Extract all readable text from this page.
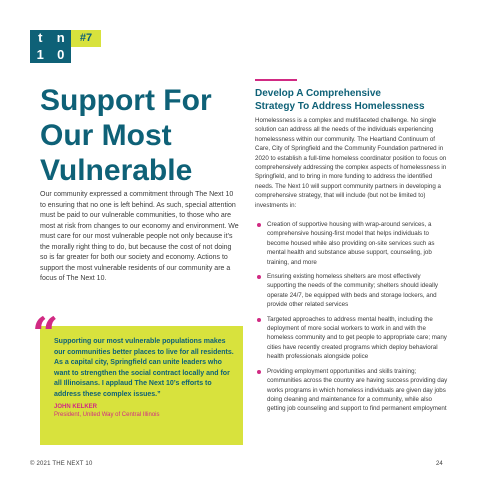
t	n
1	0
#7
Support For
Our Most
Vulnerable
Our community expressed a commitment through The Next 10 to ensuring that no one is left behind. As such, special attention must be paid to our vulnerable communities, to those who are most at risk from changes to our economy and environment. We must care for our most vulnerable people not only because it’s the morally right thing to do, but because the cost of not doing so is far greater for both our society and economy. Actions to support the most vulnerable residents of our community are a focus of The Next 10.
“
Supporting our most vulnerable populations makes our communities better places to live for all residents. As a capital city, Springfield can unite leaders who want to strengthen the social contract locally and for all Illinoisans. I applaud The Next 10’s efforts to address these complex issues.”
JOHN KELKER
President, United Way of Central Illinois
Develop A Comprehensive
Strategy To Address Homelessness
Homelessness is a complex and multifaceted challenge. No single solution can address all the needs of the individuals experiencing homelessness within our community. The Heartland Continuum of Care, City of Springfield and the Community Foundation partnered in 2020 to establish a full-time homeless coordinator position to focus on comprehensively addressing the complex aspects of homelessness in Springfield, and to bring in more funding to address the identified needs. The Next 10 will support community partners in developing a comprehensive strategy, that will include (but not be limited to) investments in:
Creation of supportive housing with wrap-around services, a comprehensive housing-first model that helps individuals to become housed while also providing on-site services such as mental health and substance abuse support, counseling, job training, and more
Ensuring existing homeless shelters are most effectively supporting the needs of the community; shelters should ideally operate 24/7, be equipped with beds and storage lockers, and provide other related services
Targeted approaches to address mental health, including the deployment of more social workers to work in and with the homeless community and to get people to appropriate care; many cities have recently created programs which deploy behavioral health professionals alongside police
Providing employment opportunities and skills training; communities across the country are having success providing day works programs in which homeless individuals are given day jobs doing cleaning and maintenance for a community, while also getting job counseling and support to find permanent employment
© 2021 THE NEXT 10	24
